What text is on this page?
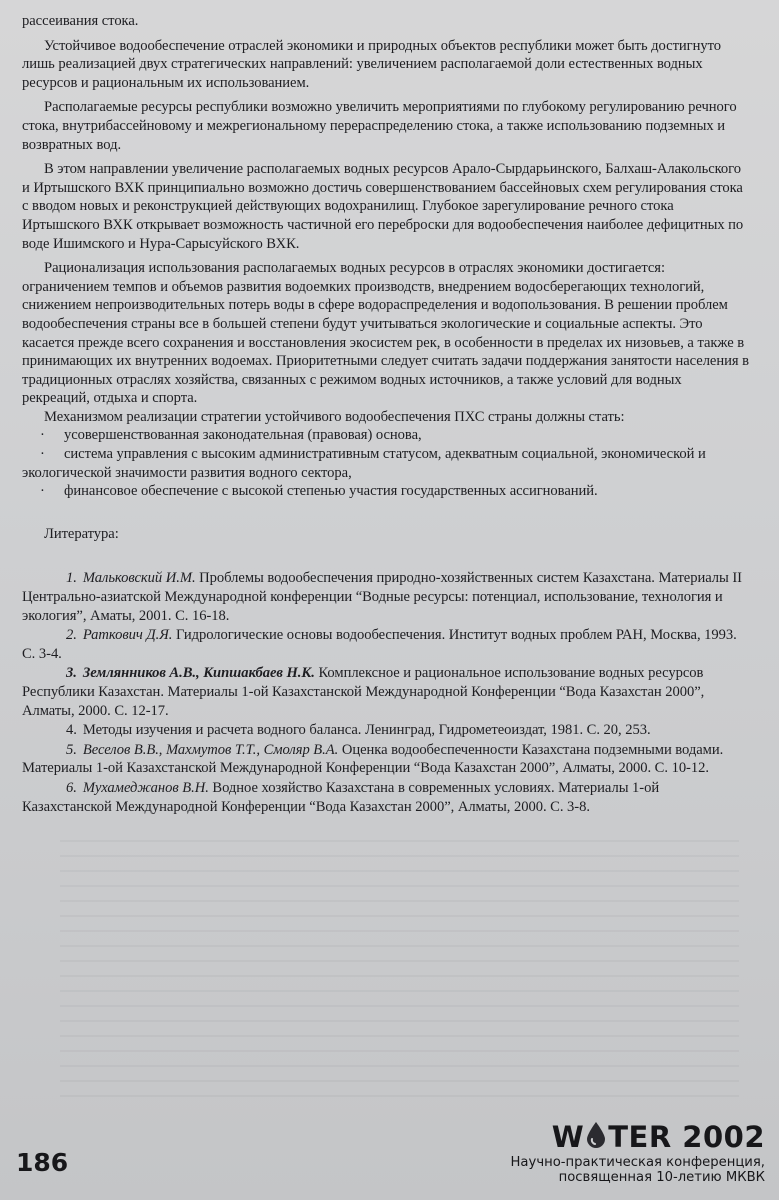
рассеивания стока.

Устойчивое водообеспечение отраслей экономики и природных объектов республики может быть достигнуто лишь реализацией двух стратегических направлений: увеличением располагаемой доли естественных водных ресурсов и рациональным их использованием.

Располагаемые ресурсы республики возможно увеличить мероприятиями по глубокому регулированию речного стока, внутрибассейновому и межрегиональному перераспределению стока, а также использованию подземных и возвратных вод.

В этом направлении увеличение располагаемых водных ресурсов Арало-Сырдарьинского, Балхаш-Алакольского и Иртышского ВХК принципиально возможно достичь совершенствованием бассейновых схем регулирования стока с вводом новых и реконструкцией действующих водохранилищ. Глубокое зарегулирование речного стока Иртышского ВХК открывает возможность частичной его переброски для водообеспечения наиболее дефицитных по воде Ишимского и Нура-Сарысуйского ВХК.

Рационализация использования располагаемых водных ресурсов в отраслях экономики достигается: ограничением темпов и объемов развития водоемких производств, внедрением водосберегающих технологий, снижением непроизводительных потерь воды в сфере водораспределения и водопользования. В решении проблем водообеспечения страны все в большей степени будут учитываться экологические и социальные аспекты. Это касается прежде всего сохранения и восстановления экосистем рек, в особенности в пределах их низовьев, а также в принимающих их внутренних водоемах. Приоритетными следует считать задачи поддержания занятости населения в традиционных отраслях хозяйства, связанных с режимом водных источников, а также условий для водных рекреаций, отдыха и спорта.

Механизмом реализации стратегии устойчивого водообеспечения ПХС страны должны стать:

· усовершенствованная законодательная (правовая) основа,
· система управления с высоким административным статусом, адекватным социальной, экономической и экологической значимости развития водного сектора,
· финансовое обеспечение с высокой степенью участия государственных ассигнований.

Литература:

1. Мальковский И.М. Проблемы водообеспечения природно-хозяйственных систем Казахстана. Материалы II Центрально-азиатской Международной конференции “Водные ресурсы: потенциал, использование, технология и экология”, Аматы, 2001. С. 16-18.
2. Раткович Д.Я. Гидрологические основы водообеспечения. Институт водных проблем РАН, Москва, 1993. С. 3-4.
3. Землянников А.В., Кипшакбаев Н.К. Комплексное и рациональное использование водных ресурсов Республики Казахстан. Материалы 1-ой Казахстанской Международной Конференции “Вода Казахстан 2000”, Алматы, 2000. С. 12-17.
4. Методы изучения и расчета водного баланса. Ленинград, Гидрометеоиздат, 1981. С. 20, 253.
5. Веселов В.В., Махмутов Т.Т., Смоляр В.А. Оценка водообеспеченности Казахстана подземными водами. Материалы 1-ой Казахстанской Международной Конференции “Вода Казахстан 2000”, Алматы, 2000. С. 10-12.
6. Мухамеджанов В.Н. Водное хозяйство Казахстана в современных условиях. Материалы 1-ой Казахстанской Международной Конференции “Вода Казахстан 2000”, Алматы, 2000. С. 3-8.
186
W TER 2002
Научно-практическая конференция,
посвященная 10-летию МКВК
